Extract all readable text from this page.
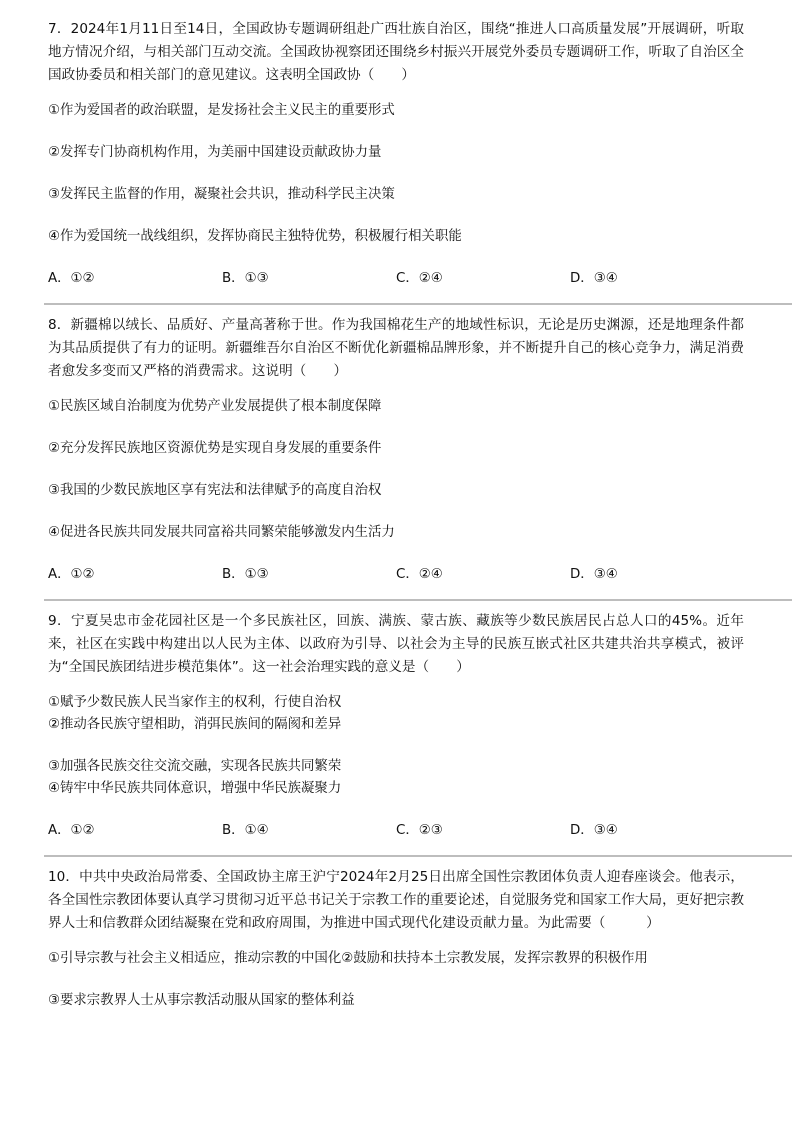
7．2024年1月11日至14日，全国政协专题调研组赴广西壮族自治区，围绕“推进人口高质量发展”开展调研，听取地方情况介绍，与相关部门互动交流。全国政协视察团还围绕乡村振兴开展党外委员专题调研工作，听取了自治区全国政协委员和相关部门的意见建议。这表明全国政协（　　）

①作为爱国者的政治联盟，是发扬社会主义民主的重要形式

②发挥专门协商机构作用，为美丽中国建设贡献政协力量

③发挥民主监督的作用，凝聚社会共识，推动科学民主决策

④作为爱国统一战线组织，发挥协商民主独特优势，积极履行相关职能

A．①②	B．①③	C．②④	D．③④

8．新疆棉以绒长、品质好、产量高著称于世。作为我国棉花生产的地域性标识，无论是历史渊源，还是地理条件都为其品质提供了有力的证明。新疆维吾尔自治区不断优化新疆棉品牌形象，并不断提升自己的核心竞争力，满足消费者愈发多变而又严格的消费需求。这说明（　　）

①民族区域自治制度为优势产业发展提供了根本制度保障

②充分发挥民族地区资源优势是实现自身发展的重要条件

③我国的少数民族地区享有宪法和法律赋予的高度自治权

④促进各民族共同发展共同富裕共同繁荣能够激发内生活力

A．①②	B．①③	C．②④	D．③④

9．宁夏吴忠市金花园社区是一个多民族社区，回族、满族、蒙古族、藏族等少数民族居民占总人口的45%。近年来，社区在实践中构建出以人民为主体、以政府为引导、以社会为主导的民族互嵌式社区共建共治共享模式，被评为“全国民族团结进步模范集体”。这一社会治理实践的意义是（　　）

①赋予少数民族人民当家作主的权利，行使自治权

②推动各民族守望相助，消弭民族间的隔阂和差异

③加强各民族交往交流交融，实现各民族共同繁荣

④铸牢中华民族共同体意识，增强中华民族凝聚力

A．①②	B．①④	C．②③	D．③④

10．中共中央政治局常委、全国政协主席王沪宁2024年2月25日出席全国性宗教团体负责人迎春座谈会。他表示，各全国性宗教团体要认真学习贯彻习近平总书记关于宗教工作的重要论述，自觉服务党和国家工作大局，更好把宗教界人士和信教群众团结凝聚在党和政府周围，为推进中国式现代化建设贡献力量。为此需要（　　　）

①引导宗教与社会主义相适应，推动宗教的中国化②鼓励和扶持本土宗教发展，发挥宗教界的积极作用

③要求宗教界人士从事宗教活动服从国家的整体利益
